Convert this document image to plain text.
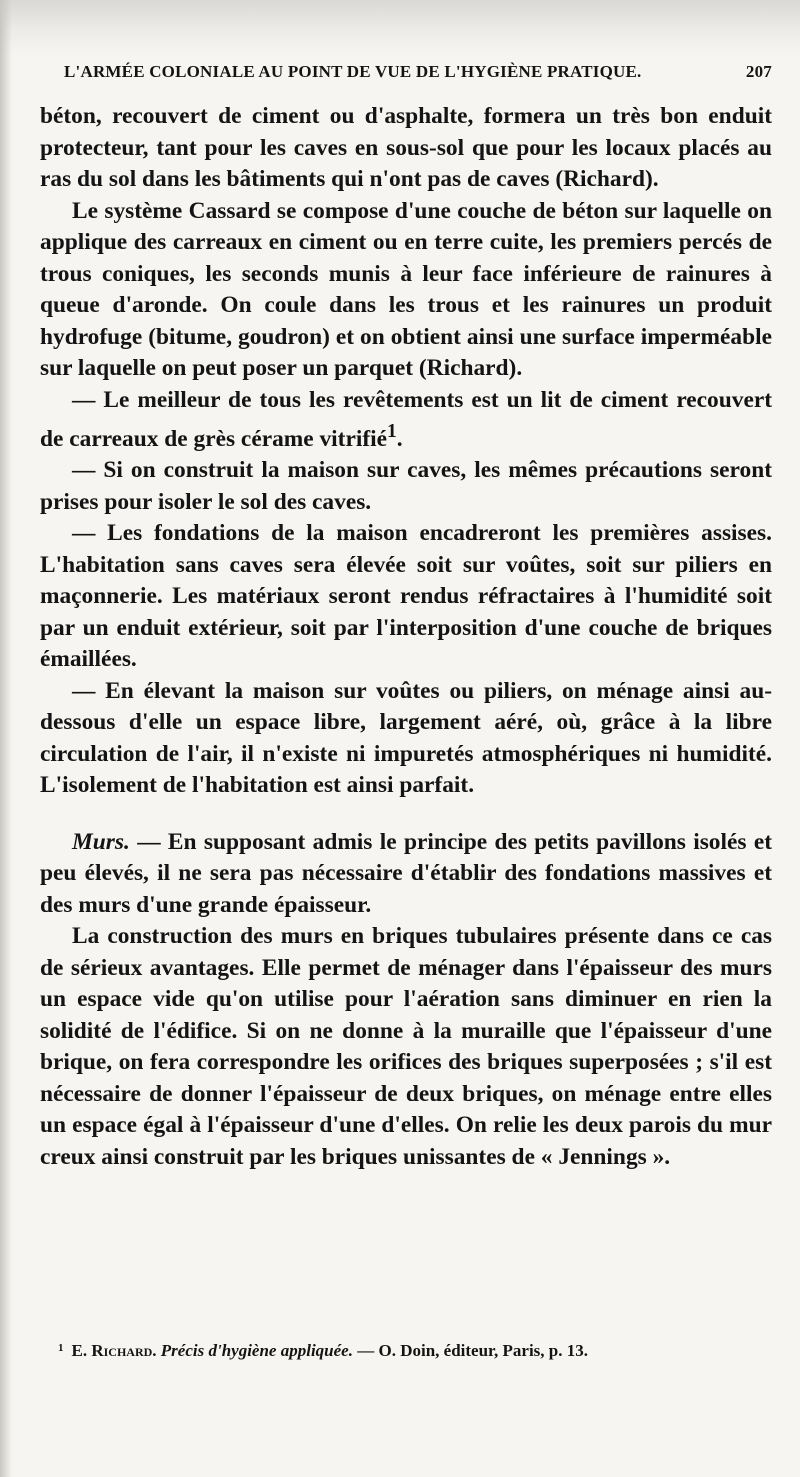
L'ARMÉE COLONIALE AU POINT DE VUE DE L'HYGIÈNE PRATIQUE.	207

béton, recouvert de ciment ou d'asphalte, formera un très bon enduit protecteur, tant pour les caves en sous-sol que pour les locaux placés au ras du sol dans les bâtiments qui n'ont pas de caves (Richard).

Le système Cassard se compose d'une couche de béton sur laquelle on applique des carreaux en ciment ou en terre cuite, les premiers percés de trous coniques, les seconds munis à leur face inférieure de rainures à queue d'aronde. On coule dans les trous et les rainures un produit hydrofuge (bitume, goudron) et on obtient ainsi une surface imperméable sur laquelle on peut poser un parquet (Richard).

— Le meilleur de tous les revêtements est un lit de ciment recouvert de carreaux de grès cérame vitrifié$^1$.

— Si on construit la maison sur caves, les mêmes précautions seront prises pour isoler le sol des caves.

— Les fondations de la maison encadreront les premières assises. L'habitation sans caves sera élevée soit sur voûtes, soit sur piliers en maçonnerie. Les matériaux seront rendus réfractaires à l'humidité soit par un enduit extérieur, soit par l'interposition d'une couche de briques émaillées.

— En élevant la maison sur voûtes ou piliers, on ménage ainsi au-dessous d'elle un espace libre, largement aéré, où, grâce à la libre circulation de l'air, il n'existe ni impuretés atmosphériques ni humidité. L'isolement de l'habitation est ainsi parfait.

Murs. — En supposant admis le principe des petits pavillons isolés et peu élevés, il ne sera pas nécessaire d'établir des fondations massives et des murs d'une grande épaisseur.

La construction des murs en briques tubulaires présente dans ce cas de sérieux avantages. Elle permet de ménager dans l'épaisseur des murs un espace vide qu'on utilise pour l'aération sans diminuer en rien la solidité de l'édifice. Si on ne donne à la muraille que l'épaisseur d'une brique, on fera correspondre les orifices des briques superposées ; s'il est nécessaire de donner l'épaisseur de deux briques, on ménage entre elles un espace égal à l'épaisseur d'une d'elles. On relie les deux parois du mur creux ainsi construit par les briques unissantes de « Jennings ».

$^1$ E. Richard. Précis d'hygiène appliquée. — O. Doin, éditeur, Paris, p. 13.
